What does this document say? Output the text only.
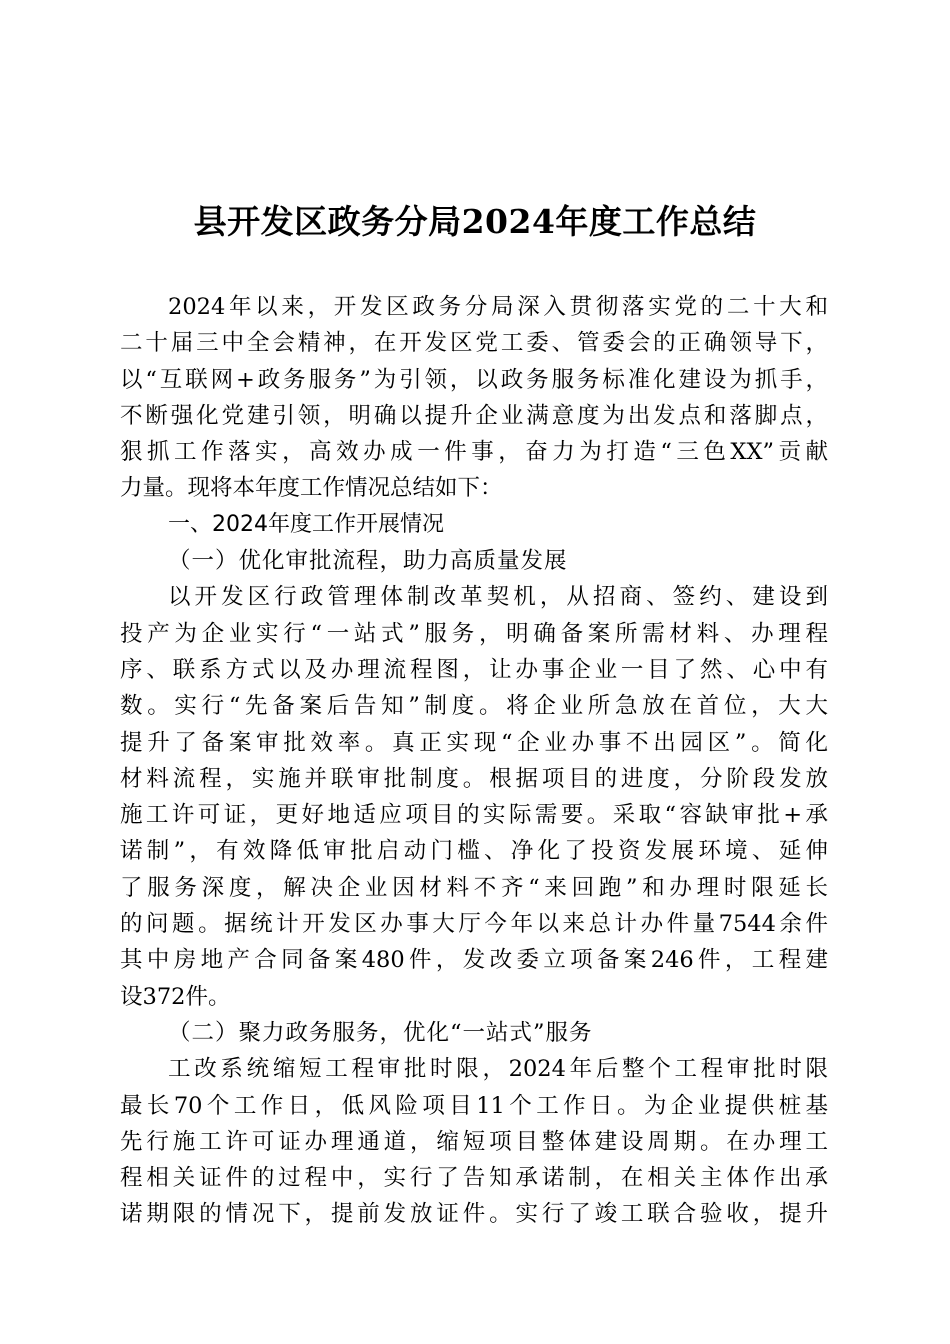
县开发区政务分局2024年度工作总结
2024年以来，开发区政务分局深入贯彻落实党的二十大和
二十届三中全会精神，在开发区党工委、管委会的正确领导下，
以“互联网+政务服务”为引领，以政务服务标准化建设为抓手，
不断强化党建引领，明确以提升企业满意度为出发点和落脚点，
狠抓工作落实，高效办成一件事，奋力为打造“三色XX”贡献
力量。现将本年度工作情况总结如下：
一、2024年度工作开展情况
（一）优化审批流程，助力高质量发展
以开发区行政管理体制改革契机，从招商、签约、建设到
投产为企业实行“一站式”服务，明确备案所需材料、办理程
序、联系方式以及办理流程图，让办事企业一目了然、心中有
数。实行“先备案后告知”制度。将企业所急放在首位，大大
提升了备案审批效率。真正实现“企业办事不出园区”。简化
材料流程，实施并联审批制度。根据项目的进度，分阶段发放
施工许可证，更好地适应项目的实际需要。采取“容缺审批+承
诺制”，有效降低审批启动门槛、净化了投资发展环境、延伸
了服务深度，解决企业因材料不齐“来回跑”和办理时限延长
的问题。据统计开发区办事大厅今年以来总计办件量7544余件
其中房地产合同备案480件，发改委立项备案246件，工程建
设372件。
（二）聚力政务服务，优化“一站式”服务
工改系统缩短工程审批时限，2024年后整个工程审批时限
最长70个工作日，低风险项目11个工作日。为企业提供桩基
先行施工许可证办理通道，缩短项目整体建设周期。在办理工
程相关证件的过程中，实行了告知承诺制，在相关主体作出承
诺期限的情况下，提前发放证件。实行了竣工联合验收，提升
